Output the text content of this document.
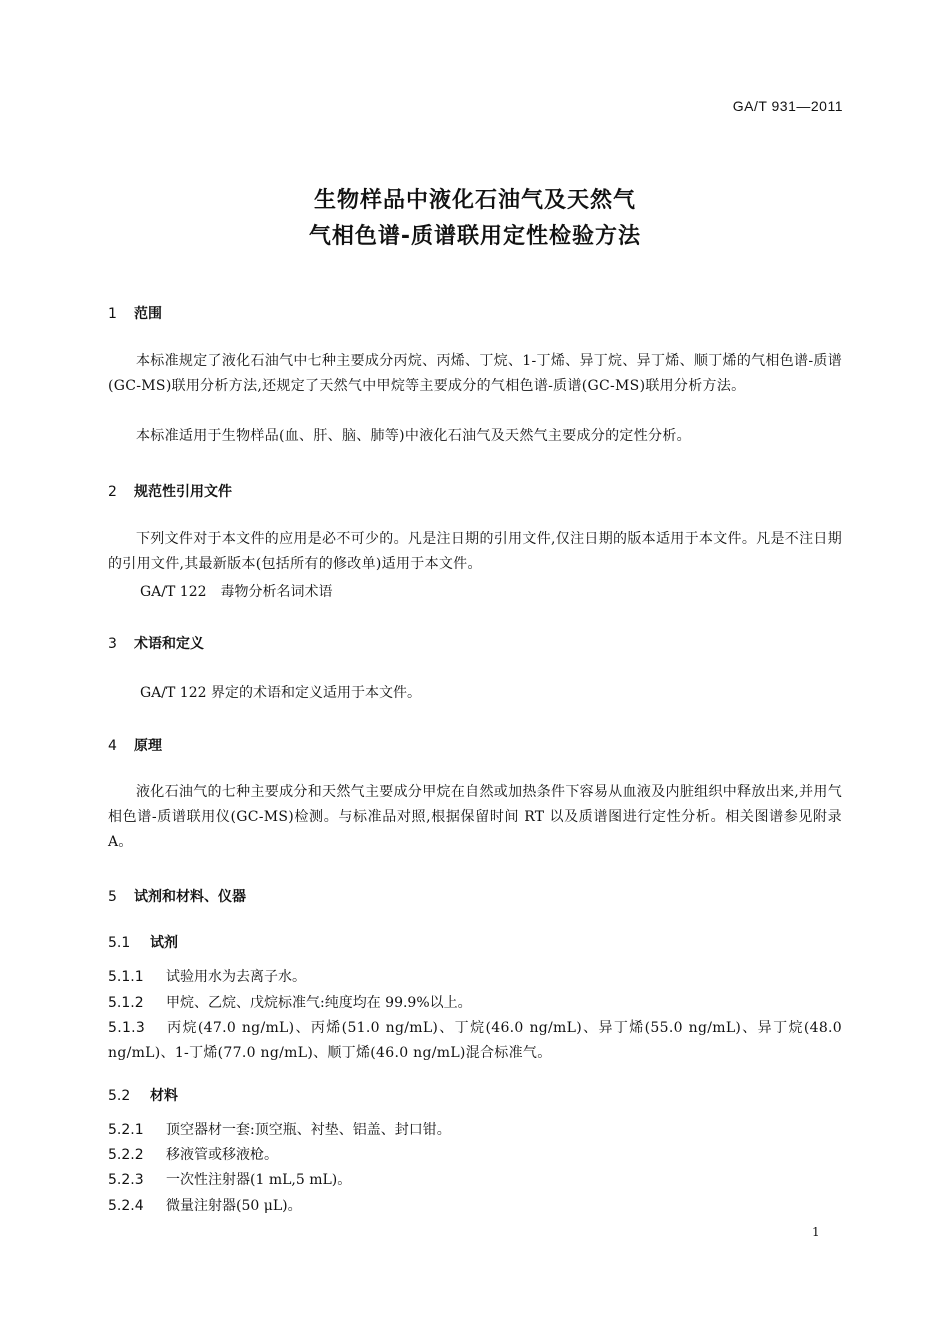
GA/T 931—2011
生物样品中液化石油气及天然气
气相色谱-质谱联用定性检验方法
1 范围
本标准规定了液化石油气中七种主要成分丙烷、丙烯、丁烷、1-丁烯、异丁烷、异丁烯、顺丁烯的气相色谱-质谱(GC-MS)联用分析方法,还规定了天然气中甲烷等主要成分的气相色谱-质谱(GC-MS)联用分析方法。
本标准适用于生物样品(血、肝、脑、肺等)中液化石油气及天然气主要成分的定性分析。
2 规范性引用文件
下列文件对于本文件的应用是必不可少的。凡是注日期的引用文件,仅注日期的版本适用于本文件。凡是不注日期的引用文件,其最新版本(包括所有的修改单)适用于本文件。
GA/T 122　毒物分析名词术语
3 术语和定义
GA/T 122 界定的术语和定义适用于本文件。
4 原理
液化石油气的七种主要成分和天然气主要成分甲烷在自然或加热条件下容易从血液及内脏组织中释放出来,并用气相色谱-质谱联用仪(GC-MS)检测。与标准品对照,根据保留时间 RT 以及质谱图进行定性分析。相关图谱参见附录 A。
5 试剂和材料、仪器
5.1 试剂
5.1.1 试验用水为去离子水。
5.1.2 甲烷、乙烷、戊烷标准气:纯度均在 99.9%以上。
5.1.3 丙烷(47.0 ng/mL)、丙烯(51.0 ng/mL)、丁烷(46.0 ng/mL)、异丁烯(55.0 ng/mL)、异丁烷(48.0 ng/mL)、1-丁烯(77.0 ng/mL)、顺丁烯(46.0 ng/mL)混合标准气。
5.2 材料
5.2.1 顶空器材一套:顶空瓶、衬垫、铝盖、封口钳。
5.2.2 移液管或移液枪。
5.2.3 一次性注射器(1 mL,5 mL)。
5.2.4 微量注射器(50 μL)。
1
